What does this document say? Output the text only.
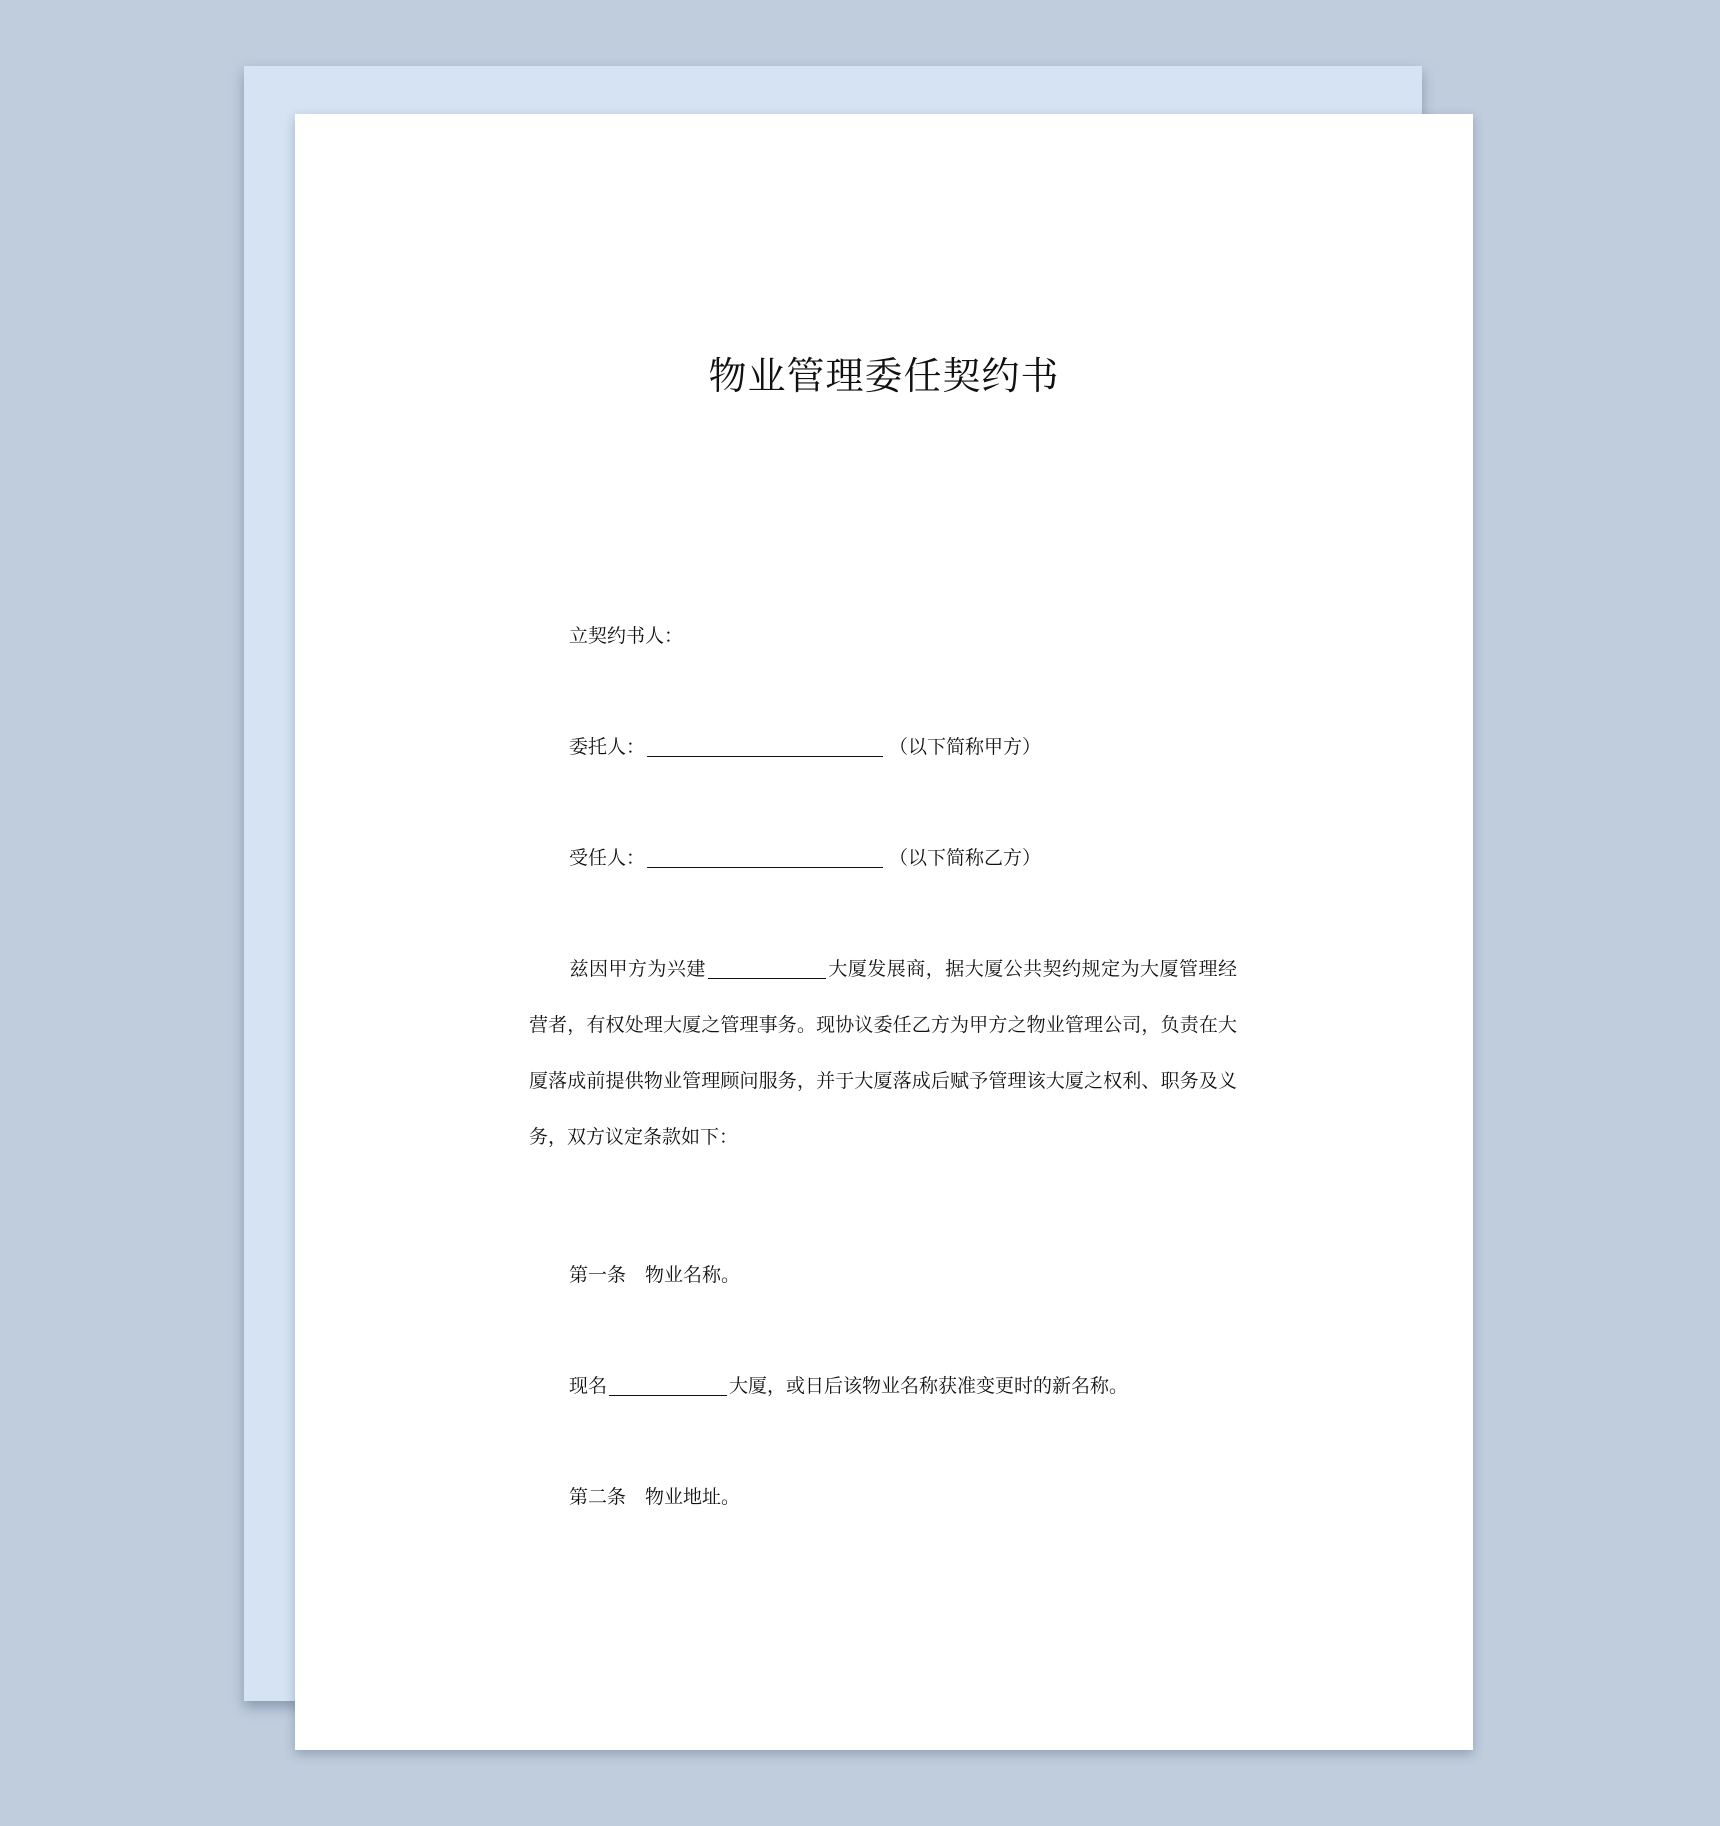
物业管理委任契约书
立契约书人：
委托人：	（以下简称甲方）
受任人：	（以下简称乙方）
兹因甲方为兴建	大厦发展商，据大厦公共契约规定为大厦管理经营者，有权处理大厦之管理事务。现协议委任乙方为甲方之物业管理公司，负责在大厦落成前提供物业管理顾问服务，并于大厦落成后赋予管理该大厦之权利、职务及义务，双方议定条款如下：
第一条　物业名称。
现名	大厦，或日后该物业名称获准变更时的新名称。
第二条　物业地址。
